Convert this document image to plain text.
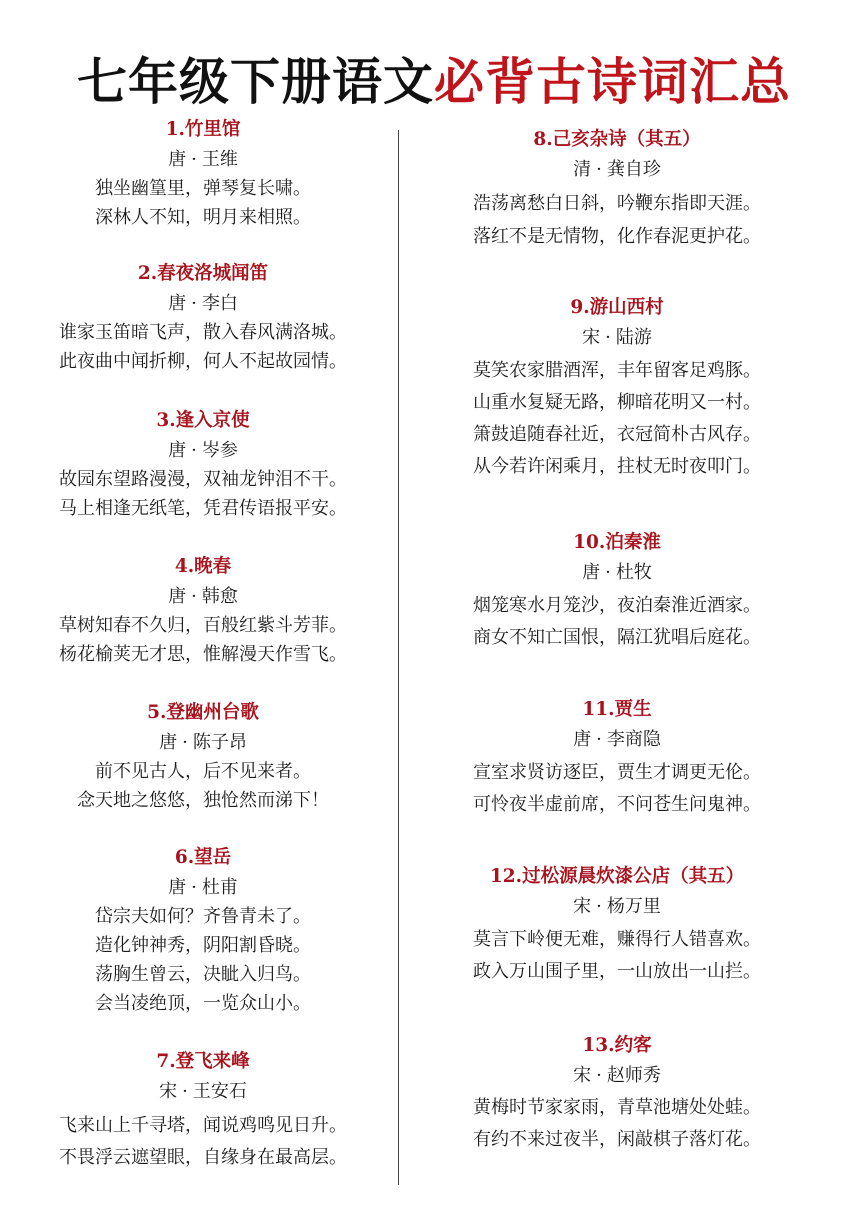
七年级下册语文必背古诗词汇总
1.竹里馆
唐 · 王维
独坐幽篁里，弹琴复长啸。
深林人不知，明月来相照。
2.春夜洛城闻笛
唐 · 李白
谁家玉笛暗飞声，散入春风满洛城。
此夜曲中闻折柳，何人不起故园情。
3.逢入京使
唐 · 岑参
故园东望路漫漫，双袖龙钟泪不干。
马上相逢无纸笔，凭君传语报平安。
4.晚春
唐 · 韩愈
草树知春不久归，百般红紫斗芳菲。
杨花榆荚无才思，惟解漫天作雪飞。
5.登幽州台歌
唐 · 陈子昂
前不见古人，后不见来者。
念天地之悠悠，独怆然而涕下！
6.望岳
唐 · 杜甫
岱宗夫如何？齐鲁青未了。
造化钟神秀，阴阳割昏晓。
荡胸生曾云，决眦入归鸟。
会当凌绝顶，一览众山小。
7.登飞来峰
宋 · 王安石
飞来山上千寻塔，闻说鸡鸣见日升。
不畏浮云遮望眼，自缘身在最高层。
8.己亥杂诗（其五）
清 · 龚自珍
浩荡离愁白日斜，吟鞭东指即天涯。
落红不是无情物，化作春泥更护花。
9.游山西村
宋 · 陆游
莫笑农家腊酒浑，丰年留客足鸡豚。
山重水复疑无路，柳暗花明又一村。
箫鼓追随春社近，衣冠简朴古风存。
从今若许闲乘月，拄杖无时夜叩门。
10.泊秦淮
唐 · 杜牧
烟笼寒水月笼沙，夜泊秦淮近酒家。
商女不知亡国恨，隔江犹唱后庭花。
11.贾生
唐 · 李商隐
宣室求贤访逐臣，贾生才调更无伦。
可怜夜半虚前席，不问苍生问鬼神。
12.过松源晨炊漆公店（其五）
宋 · 杨万里
莫言下岭便无难，赚得行人错喜欢。
政入万山围子里，一山放出一山拦。
13.约客
宋 · 赵师秀
黄梅时节家家雨，青草池塘处处蛙。
有约不来过夜半，闲敲棋子落灯花。
